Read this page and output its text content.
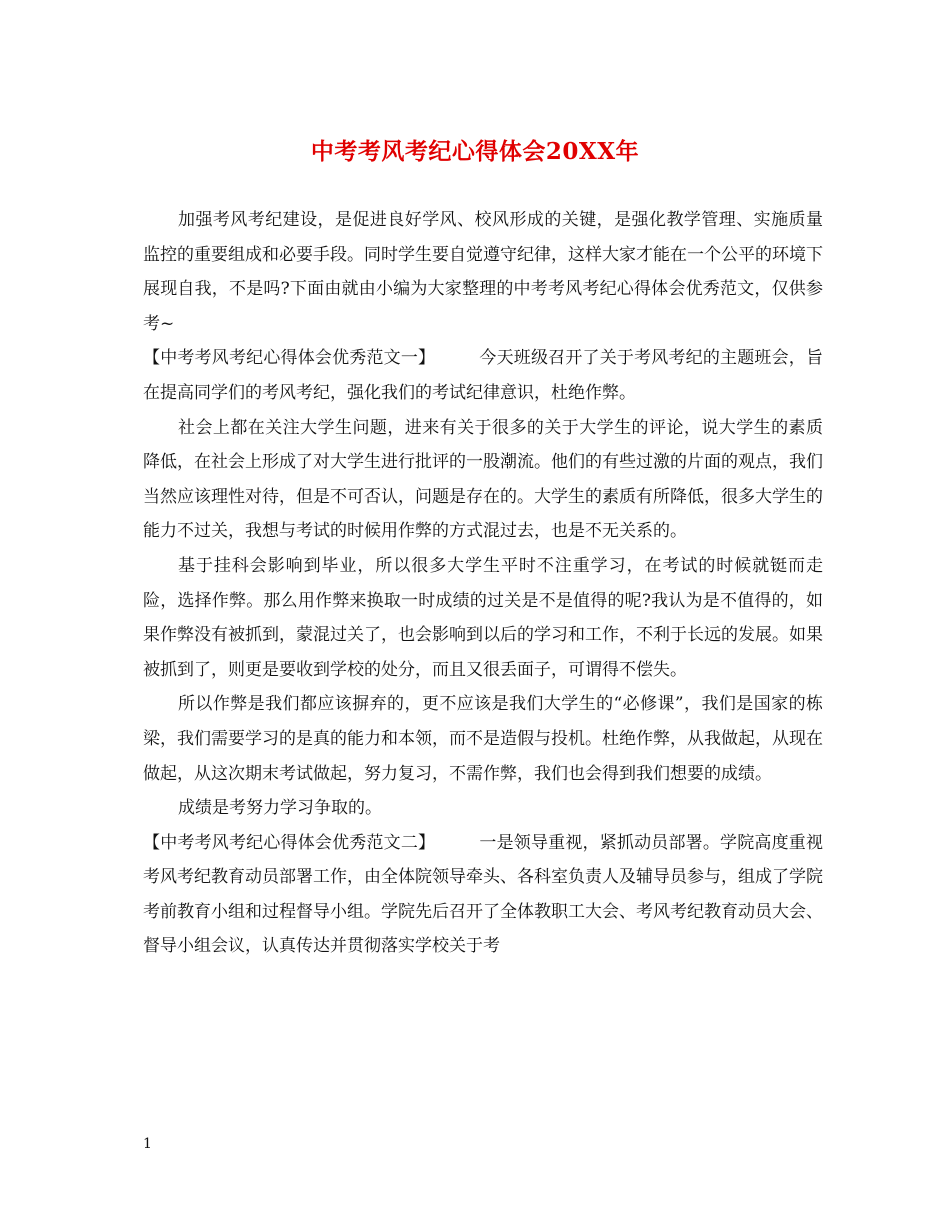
中考考风考纪心得体会20XX年

加强考风考纪建设，是促进良好学风、校风形成的关键，是强化教学管理、实施质量监控的重要组成和必要手段。同时学生要自觉遵守纪律，这样大家才能在一个公平的环境下展现自我，不是吗?下面由就由小编为大家整理的中考考风考纪心得体会优秀范文，仅供参考~

【中考考风考纪心得体会优秀范文一】	今天班级召开了关于考风考纪的主题班会，旨在提高同学们的考风考纪，强化我们的考试纪律意识，杜绝作弊。

社会上都在关注大学生问题，进来有关于很多的关于大学生的评论，说大学生的素质降低，在社会上形成了对大学生进行批评的一股潮流。他们的有些过激的片面的观点，我们当然应该理性对待，但是不可否认，问题是存在的。大学生的素质有所降低，很多大学生的能力不过关，我想与考试的时候用作弊的方式混过去，也是不无关系的。

基于挂科会影响到毕业，所以很多大学生平时不注重学习，在考试的时候就铤而走险，选择作弊。那么用作弊来换取一时成绩的过关是不是值得的呢?我认为是不值得的，如果作弊没有被抓到，蒙混过关了，也会影响到以后的学习和工作，不利于长远的发展。如果被抓到了，则更是要收到学校的处分，而且又很丢面子，可谓得不偿失。

所以作弊是我们都应该摒弃的，更不应该是我们大学生的“必修课”，我们是国家的栋梁，我们需要学习的是真的能力和本领，而不是造假与投机。杜绝作弊，从我做起，从现在做起，从这次期末考试做起，努力复习，不需作弊，我们也会得到我们想要的成绩。

成绩是考努力学习争取的。

【中考考风考纪心得体会优秀范文二】	一是领导重视，紧抓动员部署。学院高度重视考风考纪教育动员部署工作，由全体院领导牵头、各科室负责人及辅导员参与，组成了学院考前教育小组和过程督导小组。学院先后召开了全体教职工大会、考风考纪教育动员大会、督导小组会议，认真传达并贯彻落实学校关于考

1
